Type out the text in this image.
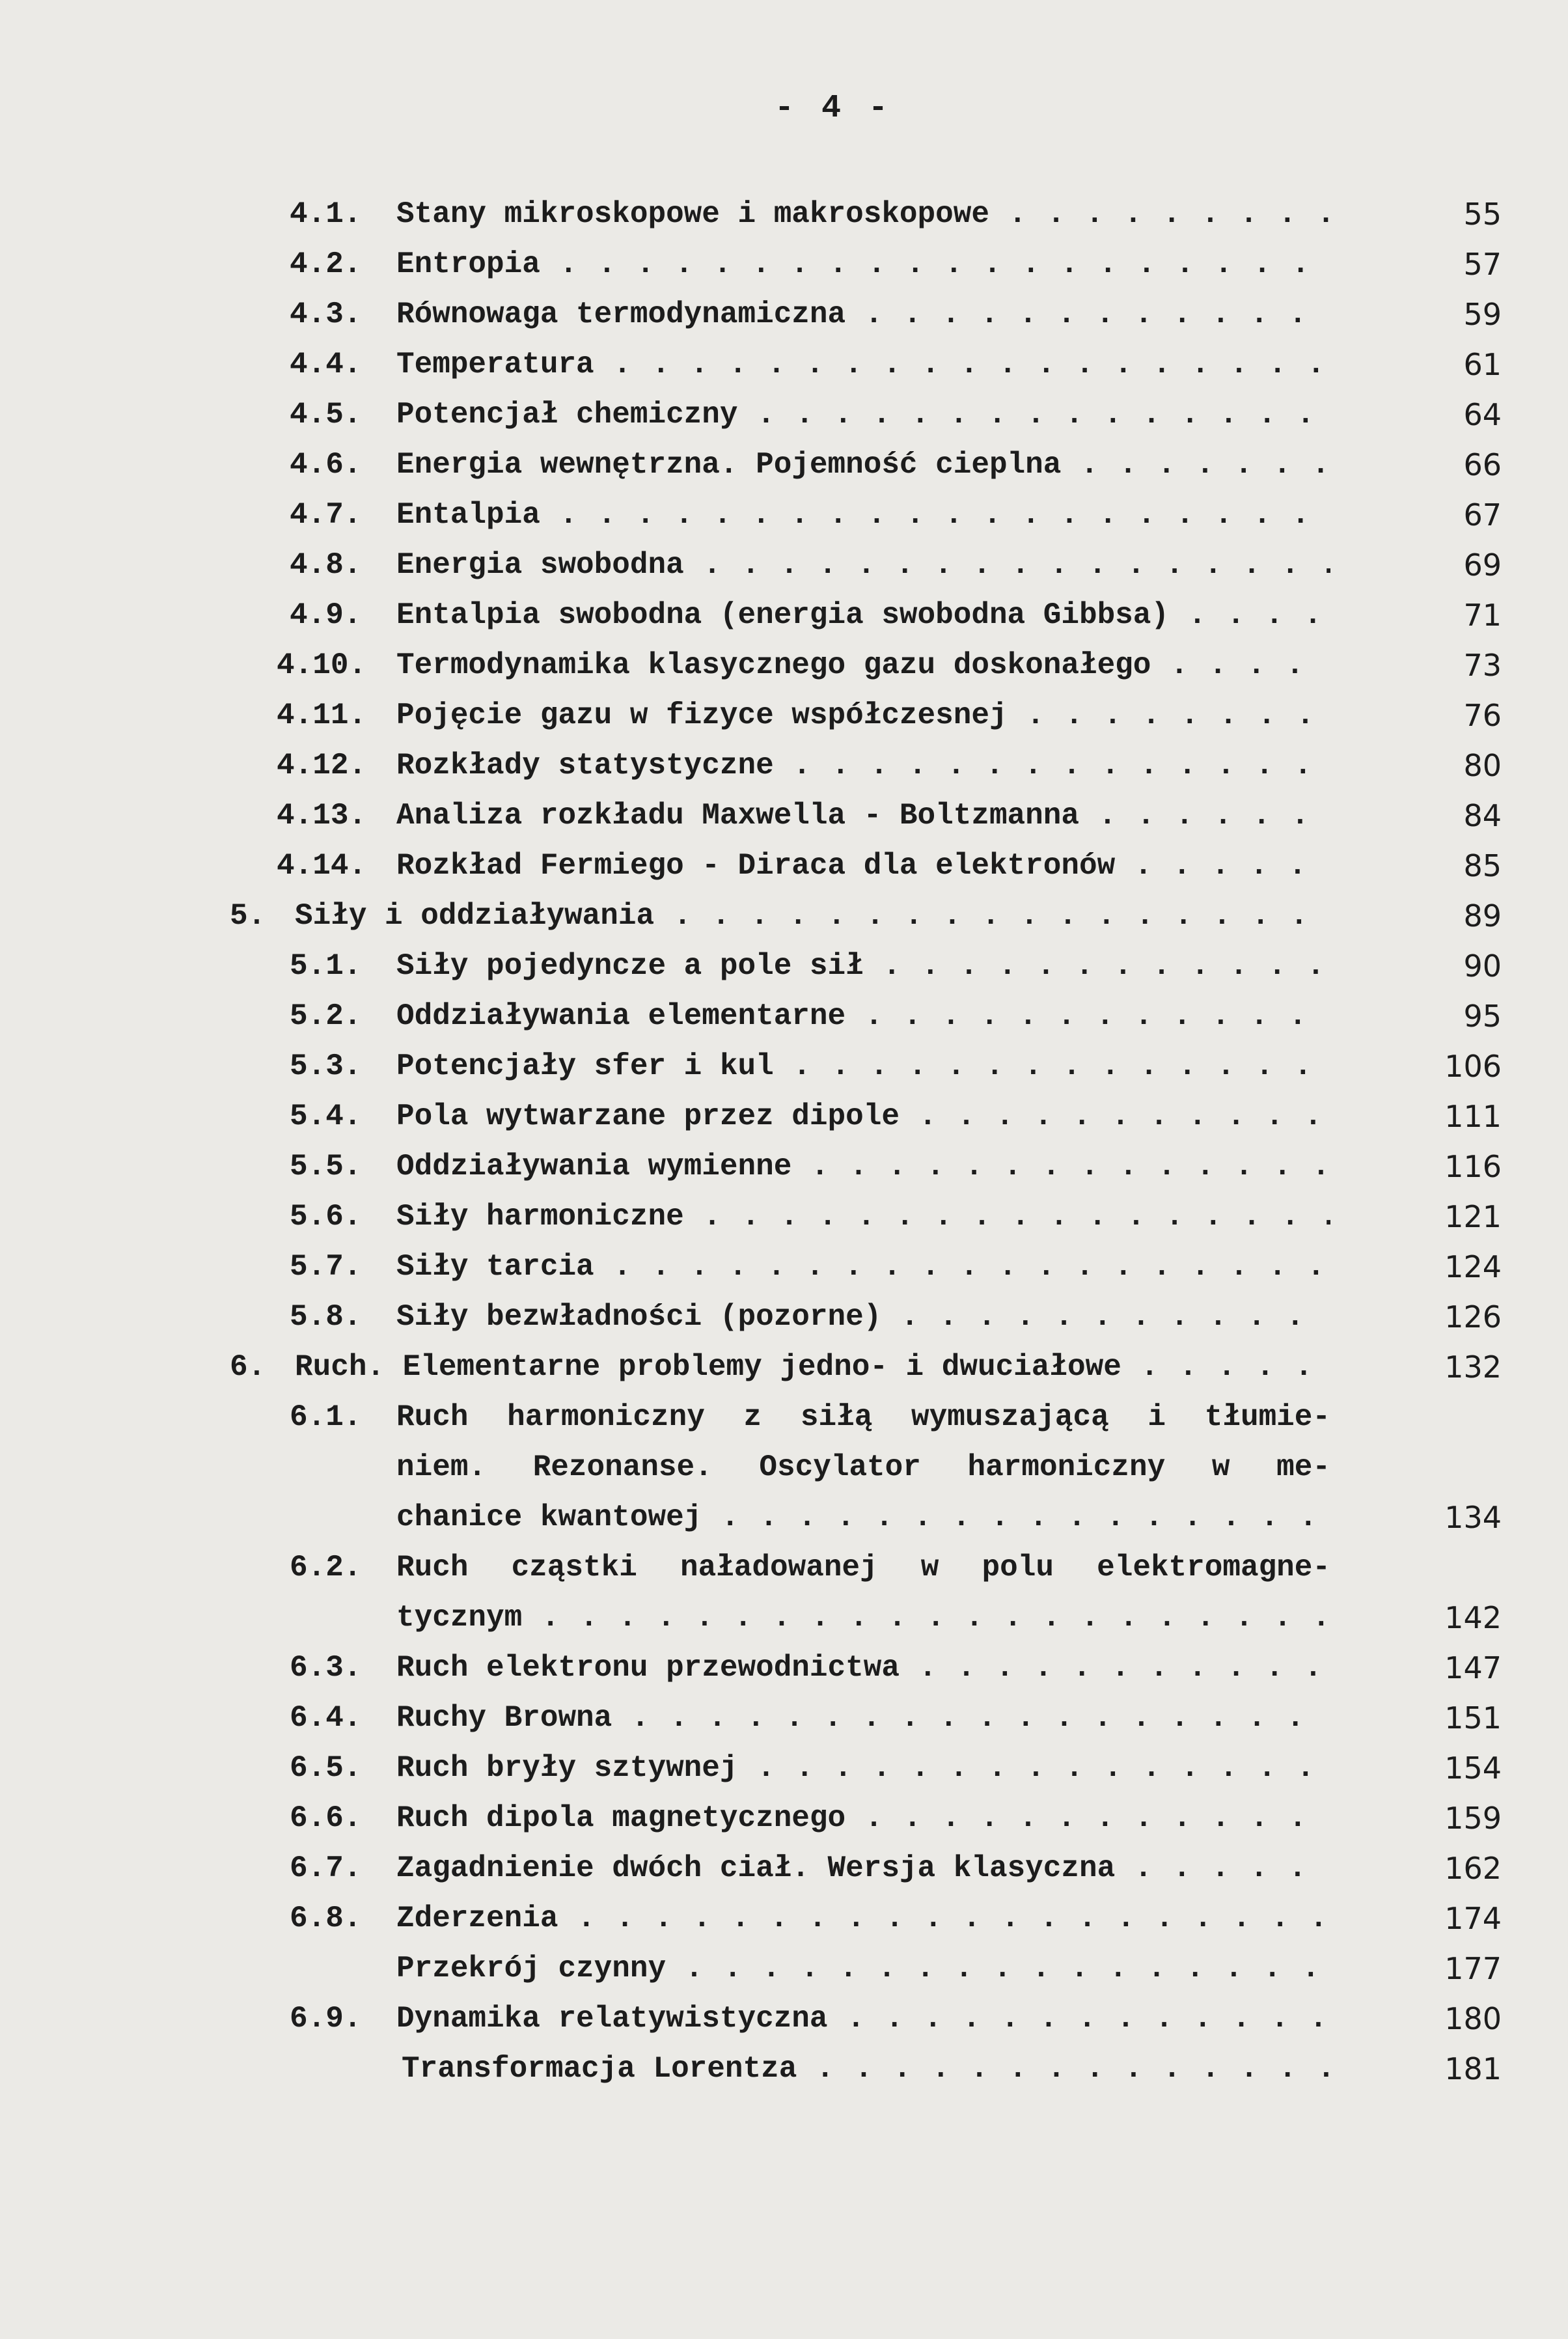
- 4 -
4.1. Stany mikroskopowe i makroskopowe . . .	55
4.2. Entropia . . .	57
4.3. Równowaga termodynamiczna . . .	59
4.4. Temperatura . . .	61
4.5. Potencjał chemiczny . . .	64
4.6. Energia wewnętrzna. Pojemność cieplna . . .	66
4.7. Entalpia . . .	67
4.8. Energia swobodna . . .	69
4.9. Entalpia swobodna (energia swobodna Gibbsa) . . .	71
4.10. Termodynamika klasycznego gazu doskonałego . . .	73
4.11. Pojęcie gazu w fizyce współczesnej . . .	76
4.12. Rozkłady statystyczne . . .	80
4.13. Analiza rozkładu Maxwella - Boltzmanna . . .	84
4.14. Rozkład Fermiego - Diraca dla elektronów . . .	85
5. Siły i oddziaływania . . .	89
5.1. Siły pojedyncze a pole sił . . .	90
5.2. Oddziaływania elementarne . . .	95
5.3. Potencjały sfer i kul . . .	106
5.4. Pola wytwarzane przez dipole . . .	111
5.5. Oddziaływania wymienne . . .	116
5.6. Siły harmoniczne . . .	121
5.7. Siły tarcia . . .	124
5.8. Siły bezwładności (pozorne) . . .	126
6. Ruch. Elementarne problemy jedno- i dwuciałowe . . .	132
6.1. Ruch harmoniczny z siłą wymuszającą i tłumie-
niem. Rezonanse. Oscylator harmoniczny w me-
chanice kwantowej . . .	134
6.2. Ruch cząstki naładowanej w polu elektromagne-
tycznym . . .	142
6.3. Ruch elektronu przewodnictwa . . .	147
6.4. Ruchy Browna . . .	151
6.5. Ruch bryły sztywnej . . .	154
6.6. Ruch dipola magnetycznego . . .	159
6.7. Zagadnienie dwóch ciał. Wersja klasyczna . . .	162
6.8. Zderzenia . . .	174
Przekrój czynny . . .	177
6.9. Dynamika relatywistyczna . . .	180
Transformacja Lorentza . . .	181
